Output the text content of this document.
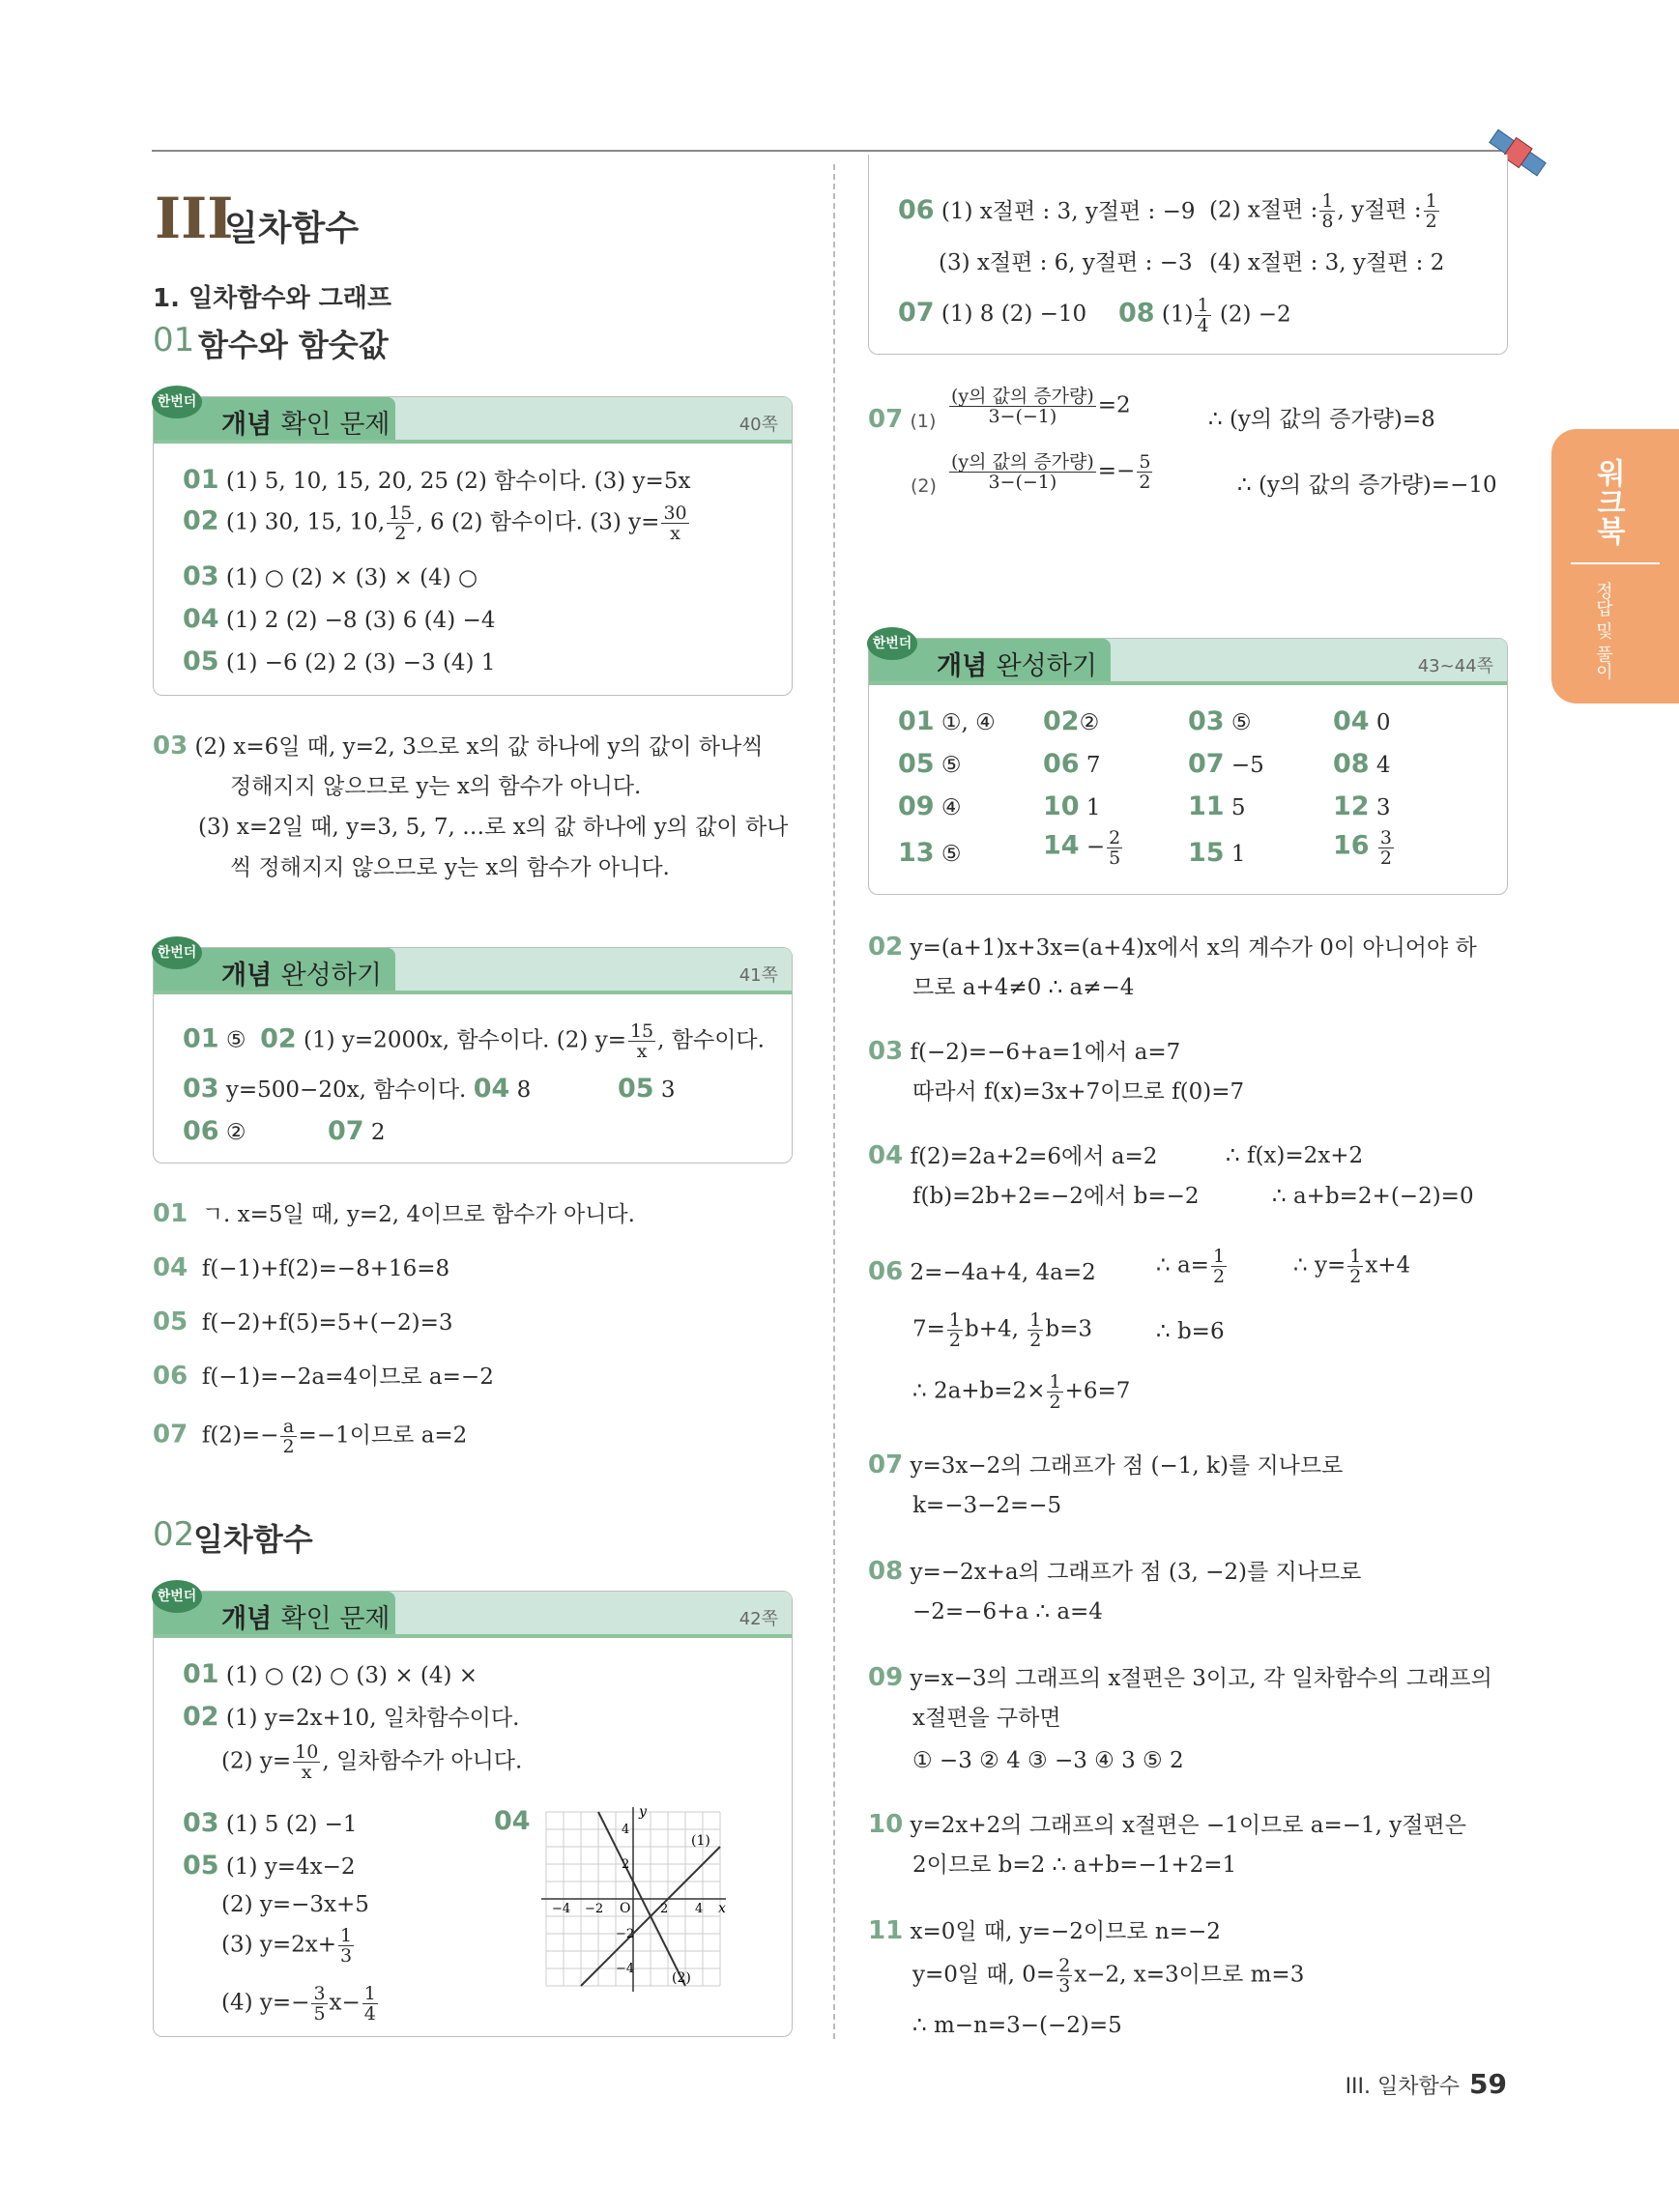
III
일차함수
1. 일차함수와 그래프
01 함수와 함숫값
한번더
개념 확인 문제	40쪽
01 (1) 5, 10, 15, 20, 25 (2) 함수이다. (3) y=5x
02 (1) 30, 15, 10, $\frac{15}{2}$ , 6 (2) 함수이다. (3) $y= \frac{30}{x}$
03 (1) ○ (2) × (3) × (4) ○
04 (1) 2 (2) −8 (3) 6 (4) −4
05 (1) −6 (2) 2 (3) −3 (4) 1
03 (2) x=6일 때, y=2, 3으로 x의 값 하나에 y의 값이 하나씩
정해지지 않으므로 y는 x의 함수가 아니다.
(3) x=2일 때, y=3, 5, 7, …로 x의 값 하나에 y의 값이 하나
씩 정해지지 않으므로 y는 x의 함수가 아니다.
한번더
개념 완성하기	41쪽
01 ⑤ 02 (1) y=2000x, 함수이다. (2) $y= \frac{15}{x}$ , 함수이다.
03 y=500−20x, 함수이다. 04 8	05 3
06 ②	07 2
01 ㄱ. x=5일 때, y=2, 4이므로 함수가 아니다.
04 f(−1)+f(2)=−8+16=8
05 f(−2)+f(5)=5+(−2)=3
06 f(−1)=−2a=4이므로 a=−2
07 $f(2)=- \frac{a}{2} =-1$이므로 a=2
02
일차함수
한번더
개념 확인 문제	42쪽
01 (1) ○ (2) ○ (3) × (4) ×
02 (1) y=2x+10, 일차함수이다.
(2) $y= \frac{10}{x}$ , 일차함수가 아니다.
03 (1) 5 (2) −1
05 (1) y=4x−2
(2) y=−3x+5
(3) $y=2x+ \frac{1}{3}$
(4) $y=- \frac{3}{5} x- \frac{1}{4}$
04	y
x
O
4
2
−2
−4
−4 −2	2 4
(1)
(2)
06 (1) x절편 : 3, y절편 : −9 (2) x절편 : $\frac{1}{8}$ , y절편 : $\frac{1}{2}$
(3) x절편 : 6, y절편 : −3 (4) x절편 : 3, y절편 : 2
07 (1) 8 (2) −10 08 $(1) \frac{1}{4} (2) -2$
07 $(1) \frac{\text{(y의 값의 증가량)}}{3-(-1)} =2$
∴ (y의 값의 증가량)=8
$(2) \frac{\text{(y의 값의 증가량)}}{3-(-1)} =- \frac{5}{2}$	∴ (y의 값의 증가량)=−10
한번더
개념 완성하기	43~44쪽
01 ①, ④ 02②	03 ⑤	04 0
05 ⑤	06 7	07 −5	08 4
09 ④	10 1	11 5	12 3
13 ⑤	$14 - \frac{2}{5}$	15 1	$16 \frac{3}{2}$
02 y=(a+1)x+3x=(a+4)x에서 x의 계수가 0이 아니어야 하
므로 a+4≠0 ∴ a≠−4
03 f(−2)=−6+a=1에서 a=7
따라서 f(x)=3x+7이므로 f(0)=7
04 f(2)=2a+2=6에서 a=2	∴ f(x)=2x+2
f(b)=2b+2=−2에서 b=−2	∴ a+b=2+(−2)=0
06 2=−4a+4, 4a=2	∴ $a= \frac{1}{2}$	∴ $y= \frac{1}{2} x+4$
$7= \frac{1}{2} b+4$, $\frac{1}{2} b=3$	∴ b=6
∴ $2a+b=2\times \frac{1}{2} +6=7$
07 y=3x−2의 그래프가 점 (−1, k)를 지나므로
k=−3−2=−5
08 y=−2x+a의 그래프가 점 (3, −2)를 지나므로
−2=−6+a ∴ a=4
09 y=x−3의 그래프의 x절편은 3이고, 각 일차함수의 그래프의
x절편을 구하면
① −3 ② 4 ③ −3 ④ 3 ⑤ 2
10 y=2x+2의 그래프의 x절편은 −1이므로 a=−1, y절편은
2이므로 b=2 ∴ a+b=−1+2=1
11 x=0일 때, y=−2이므로 n=−2
y=0일 때, $0= \frac{2}{3} x-2$, x=3이므로 m=3
∴ m−n=3−(−2)=5
워크북
정답 및 풀이
III. 일차함수 59
